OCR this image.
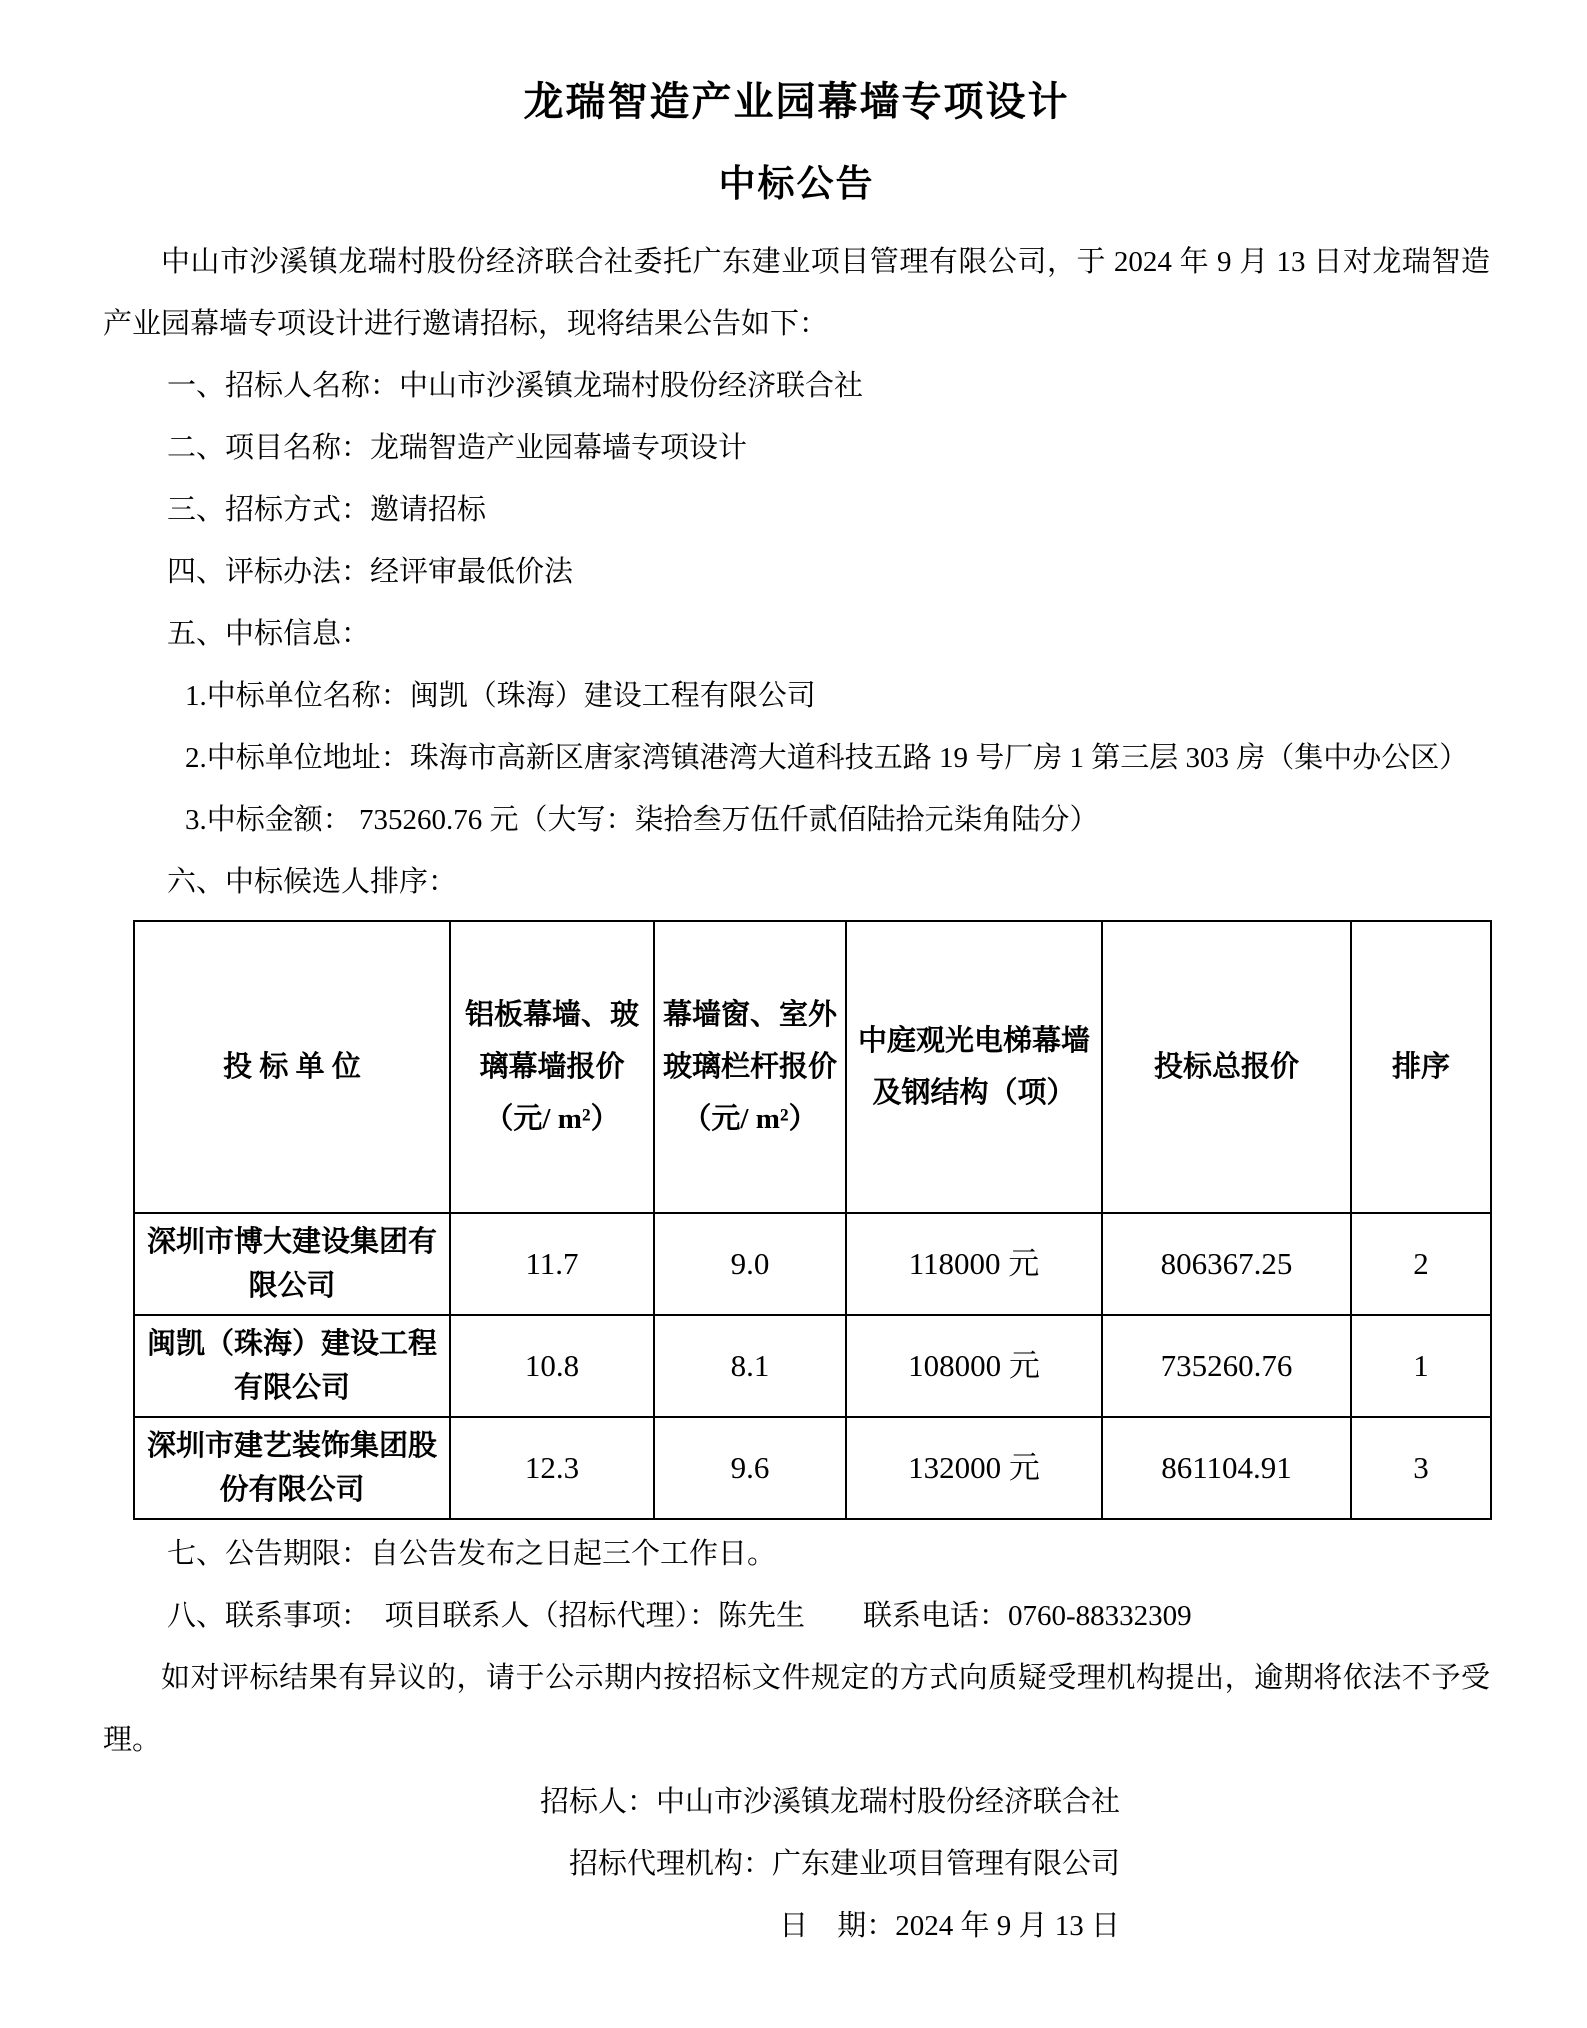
龙瑞智造产业园幕墙专项设计
中标公告

中山市沙溪镇龙瑞村股份经济联合社委托广东建业项目管理有限公司，于 2024 年 9 月 13 日对龙瑞智造产业园幕墙专项设计进行邀请招标，现将结果公告如下：

一、招标人名称：中山市沙溪镇龙瑞村股份经济联合社
二、项目名称：龙瑞智造产业园幕墙专项设计
三、招标方式：邀请招标
四、评标办法：经评审最低价法
五、中标信息：
1.中标单位名称：闽凯（珠海）建设工程有限公司
2.中标单位地址：珠海市高新区唐家湾镇港湾大道科技五路 19 号厂房 1 第三层 303 房（集中办公区）
3.中标金额： 735260.76 元（大写：柒拾叁万伍仟贰佰陆拾元柒角陆分）
六、中标候选人排序：
投 标 单 位	铝板幕墙、玻璃幕墙报价（元/ m²）	幕墙窗、室外玻璃栏杆报价（元/ m²）	中庭观光电梯幕墙及钢结构（项）	投标总报价	排序
深圳市博大建设集团有限公司	11.7	9.0	118000 元	806367.25	2
闽凯（珠海）建设工程有限公司	10.8	8.1	108000 元	735260.76	1
深圳市建艺装饰集团股份有限公司	12.3	9.6	132000 元	861104.91	3
七、公告期限：自公告发布之日起三个工作日。
八、联系事项：　项目联系人（招标代理）：陈先生　　联系电话：0760-88332309

如对评标结果有异议的，请于公示期内按招标文件规定的方式向质疑受理机构提出，逾期将依法不予受理。

招标人：中山市沙溪镇龙瑞村股份经济联合社
招标代理机构：广东建业项目管理有限公司
日　期：2024 年 9 月 13 日
